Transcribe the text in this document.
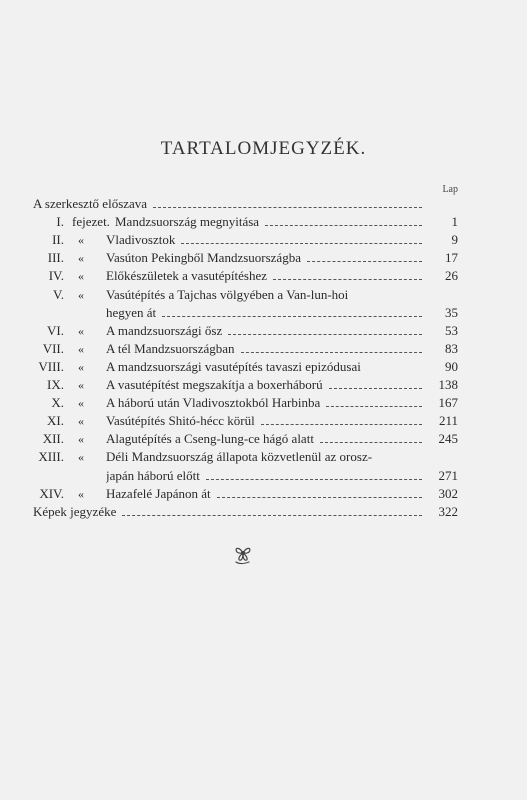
TARTALOMJEGYZÉK.
Lap
A szerkesztő előszava
I. fejezet. Mandzsuország megnyitása	1
II.	«	Vladivosztok	9
III.	«	Vasúton Pekingből Mandzsuországba	17
IV.	«	Előkészületek a vasutépítéshez	26
V.	«	Vasútépítés a Tajchas völgyében a Van-lun-hoi
hegyen át	35
VI.	«	A mandzsuországi ősz	53
VII.	«	A tél Mandzsuországban	83
VIII.	«	A mandzsuországi vasutépítés tavaszi epizódusai	90
IX.	«	A vasutépítést megszakítja a boxerháború	138
X.	«	A háború után Vladivosztokból Harbinba	167
XI.	«	Vasútépítés Shitó-hécc körül	211
XII.	«	Alagutépítés a Cseng-lung-ce hágó alatt	245
XIII.	«	Déli Mandzsuország állapota közvetlenül az orosz-
japán háború előtt	271
XIV.	«	Hazafelé Japánon át	302
Képek jegyzéke	322
